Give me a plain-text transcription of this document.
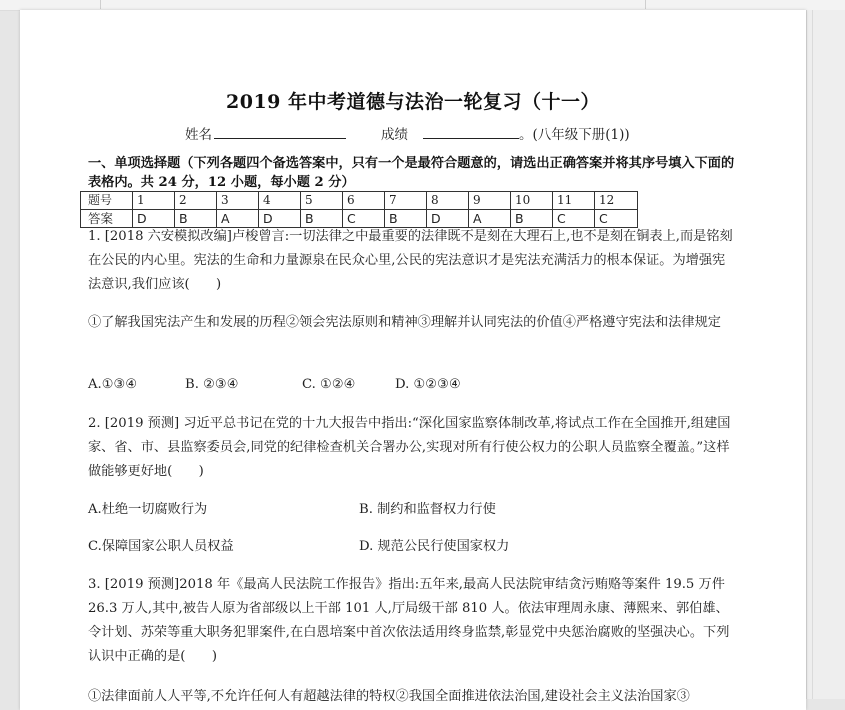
2019 年中考道德与法治一轮复习（十一）
姓名	成绩	。(八年级下册(1))
一、单项选择题（下列各题四个备选答案中，只有一个是最符合题意的，请选出正确答案并将其序号填入下面的表格内。共 24 分，12 小题，每小题 2 分）
题号	1	2	3	4	5	6	7	8	9	10	11	12
答案	D	B	A	D	B	C	B	D	A	B	C	C
1. [2018 六安模拟改编]卢梭曾言:一切法律之中最重要的法律既不是刻在大理石上,也不是刻在铜表上,而是铭刻在公民的内心里。宪法的生命和力量源泉在民众心里,公民的宪法意识才是宪法充满活力的根本保证。为增强宪法意识,我们应该(　　)
①了解我国宪法产生和发展的历程②领会宪法原则和精神③理解并认同宪法的价值④严格遵守宪法和法律规定
A.①③④	B. ②③④	C. ①②④	D. ①②③④
2. [2019 预测] 习近平总书记在党的十九大报告中指出:“深化国家监察体制改革,将试点工作在全国推开,组建国家、省、市、县监察委员会,同党的纪律检查机关合署办公,实现对所有行使公权力的公职人员监察全覆盖。”这样做能够更好地(　　)
A.杜绝一切腐败行为	B. 制约和监督权力行使
C.保障国家公职人员权益	D. 规范公民行使国家权力
3. [2019 预测]2018 年《最高人民法院工作报告》指出:五年来,最高人民法院审结贪污贿赂等案件 19.5 万件 26.3 万人,其中,被告人原为省部级以上干部 101 人,厅局级干部 810 人。依法审理周永康、薄熙来、郭伯雄、令计划、苏荣等重大职务犯罪案件,在白恩培案中首次依法适用终身监禁,彰显党中央惩治腐败的坚强决心。下列认识中正确的是(　　)
①法律面前人人平等,不允许任何人有超越法律的特权②我国全面推进依法治国,建设社会主义法治国家③
